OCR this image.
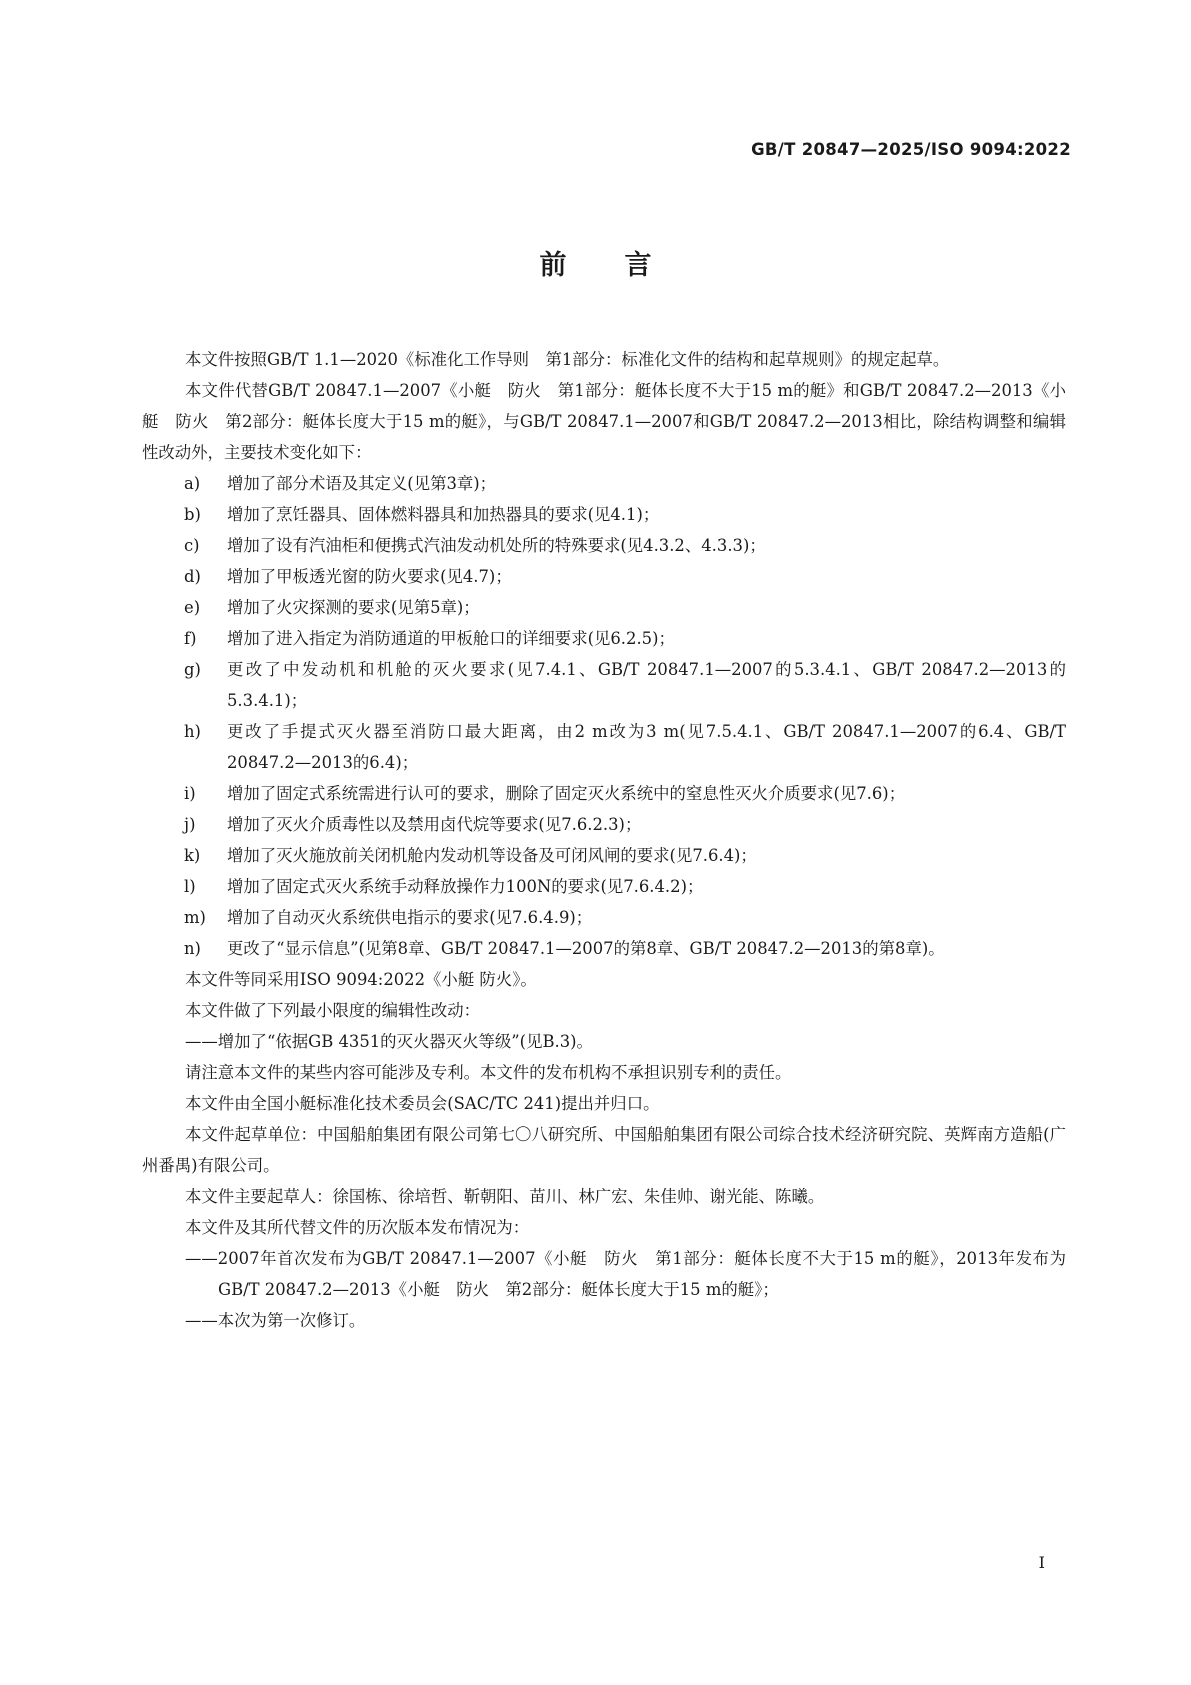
GB/T 20847—2025/ISO 9094:2022
前言

本文件按照GB/T 1.1—2020《标准化工作导则　第1部分：标准化文件的结构和起草规则》的规定起草。

本文件代替GB/T 20847.1—2007《小艇　防火　第1部分：艇体长度不大于15 m的艇》和GB/T 20847.2—2013《小艇　防火　第2部分：艇体长度大于15 m的艇》，与GB/T 20847.1—2007和GB/T 20847.2—2013相比，除结构调整和编辑性改动外，主要技术变化如下：

a)	增加了部分术语及其定义(见第3章)；
b)	增加了烹饪器具、固体燃料器具和加热器具的要求(见4.1)；
c)	增加了设有汽油柜和便携式汽油发动机处所的特殊要求(见4.3.2、4.3.3)；
d)	增加了甲板透光窗的防火要求(见4.7)；
e)	增加了火灾探测的要求(见第5章)；
f)	增加了进入指定为消防通道的甲板舱口的详细要求(见6.2.5)；
g)	更改了中发动机和机舱的灭火要求(见7.4.1、GB/T 20847.1—2007的5.3.4.1、GB/T 20847.2—2013的5.3.4.1)；
h)	更改了手提式灭火器至消防口最大距离，由2 m改为3 m(见7.5.4.1、GB/T 20847.1—2007的6.4、GB/T 20847.2—2013的6.4)；
i)	增加了固定式系统需进行认可的要求，删除了固定灭火系统中的窒息性灭火介质要求(见7.6)；
j)	增加了灭火介质毒性以及禁用卤代烷等要求(见7.6.2.3)；
k)	增加了灭火施放前关闭机舱内发动机等设备及可闭风闸的要求(见7.6.4)；
l)	增加了固定式灭火系统手动释放操作力100N的要求(见7.6.4.2)；
m)	增加了自动灭火系统供电指示的要求(见7.6.4.9)；
n)	更改了“显示信息”(见第8章、GB/T 20847.1—2007的第8章、GB/T 20847.2—2013的第8章)。

本文件等同采用ISO 9094:2022《小艇 防火》。

本文件做了下列最小限度的编辑性改动：

——增加了“依据GB 4351的灭火器灭火等级”(见B.3)。

请注意本文件的某些内容可能涉及专利。本文件的发布机构不承担识别专利的责任。

本文件由全国小艇标准化技术委员会(SAC/TC 241)提出并归口。

本文件起草单位：中国船舶集团有限公司第七〇八研究所、中国船舶集团有限公司综合技术经济研究院、英辉南方造船(广州番禺)有限公司。

本文件主要起草人：徐国栋、徐培哲、靳朝阳、苗川、林广宏、朱佳帅、谢光能、陈曦。

本文件及其所代替文件的历次版本发布情况为：

——2007年首次发布为GB/T 20847.1—2007《小艇　防火　第1部分：艇体长度不大于15 m的艇》，2013年发布为GB/T 20847.2—2013《小艇　防火　第2部分：艇体长度大于15 m的艇》；

——本次为第一次修订。

I
